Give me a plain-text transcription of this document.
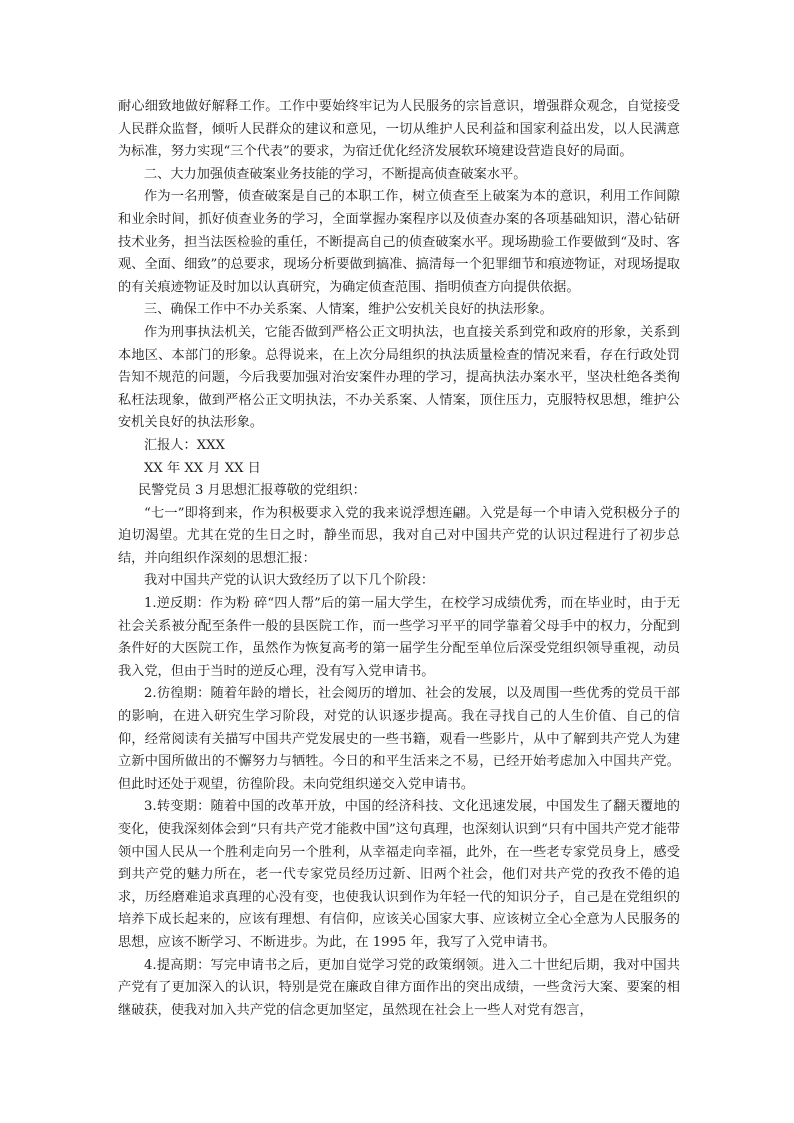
耐心细致地做好解释工作。工作中要始终牢记为人民服务的宗旨意识，增强群众观念，自觉接受人民群众监督，倾听人民群众的建议和意见，一切从维护人民利益和国家利益出发，以人民满意为标准，努力实现“三个代表”的要求，为宿迁优化经济发展软环境建设营造良好的局面。

二、大力加强侦查破案业务技能的学习，不断提高侦查破案水平。

作为一名刑警，侦查破案是自己的本职工作，树立侦查至上破案为本的意识，利用工作间隙和业余时间，抓好侦查业务的学习，全面掌握办案程序以及侦查办案的各项基础知识，潜心钻研技术业务，担当法医检验的重任，不断提高自己的侦查破案水平。现场勘验工作要做到“及时、客观、全面、细致”的总要求，现场分析要做到搞准、搞清每一个犯罪细节和痕迹物证，对现场提取的有关痕迹物证及时加以认真研究，为确定侦查范围、指明侦查方向提供依据。

三、确保工作中不办关系案、人情案，维护公安机关良好的执法形象。

作为刑事执法机关，它能否做到严格公正文明执法，也直接关系到党和政府的形象，关系到本地区、本部门的形象。总得说来，在上次分局组织的执法质量检查的情况来看，存在行政处罚告知不规范的问题，今后我要加强对治安案件办理的学习，提高执法办案水平，坚决杜绝各类徇私枉法现象，做到严格公正文明执法，不办关系案、人情案，顶住压力，克服特权思想，维护公安机关良好的执法形象。

汇报人：XXX

XX 年 XX 月 XX 日

民警党员 3 月思想汇报尊敬的党组织：

“七一”即将到来，作为积极要求入党的我来说浮想连翩。入党是每一个申请入党积极分子的迫切渴望。尤其在党的生日之时，静坐而思，我对自己对中国共产党的认识过程进行了初步总结，并向组织作深刻的思想汇报：

我对中国共产党的认识大致经历了以下几个阶段：

1.逆反期：作为粉 碎“四人帮”后的第一届大学生，在校学习成绩优秀，而在毕业时，由于无社会关系被分配至条件一般的县医院工作，而一些学习平平的同学靠着父母手中的权力，分配到条件好的大医院工作，虽然作为恢复高考的第一届学生分配至单位后深受党组织领导重视，动员我入党，但由于当时的逆反心理，没有写入党申请书。

2.彷徨期：随着年龄的增长，社会阅历的增加、社会的发展，以及周围一些优秀的党员干部的影响，在进入研究生学习阶段，对党的认识逐步提高。我在寻找自己的人生价值、自己的信仰，经常阅读有关描写中国共产党发展史的一些书籍，观看一些影片，从中了解到共产党人为建立新中国所做出的不懈努力与牺牲。今日的和平生活来之不易，已经开始考虑加入中国共产党。但此时还处于观望，彷徨阶段。未向党组织递交入党申请书。

3.转变期：随着中国的改革开放，中国的经济科技、文化迅速发展，中国发生了翻天覆地的变化，使我深刻体会到“只有共产党才能救中国”这句真理，也深刻认识到“只有中国共产党才能带领中国人民从一个胜利走向另一个胜利，从幸福走向幸福，此外，在一些老专家党员身上，感受到共产党的魅力所在，老一代专家党员经历过新、旧两个社会，他们对共产党的孜孜不倦的追求，历经磨难追求真理的心没有变，也使我认识到作为年轻一代的知识分子，自己是在党组织的培养下成长起来的，应该有理想、有信仰，应该关心国家大事、应该树立全心全意为人民服务的思想，应该不断学习、不断进步。为此，在 1995 年，我写了入党申请书。

4.提高期：写完申请书之后，更加自觉学习党的政策纲领。进入二十世纪后期，我对中国共产党有了更加深入的认识，特别是党在廉政自律方面作出的突出成绩，一些贪污大案、要案的相继破获，使我对加入共产党的信念更加坚定，虽然现在社会上一些人对党有怨言，
